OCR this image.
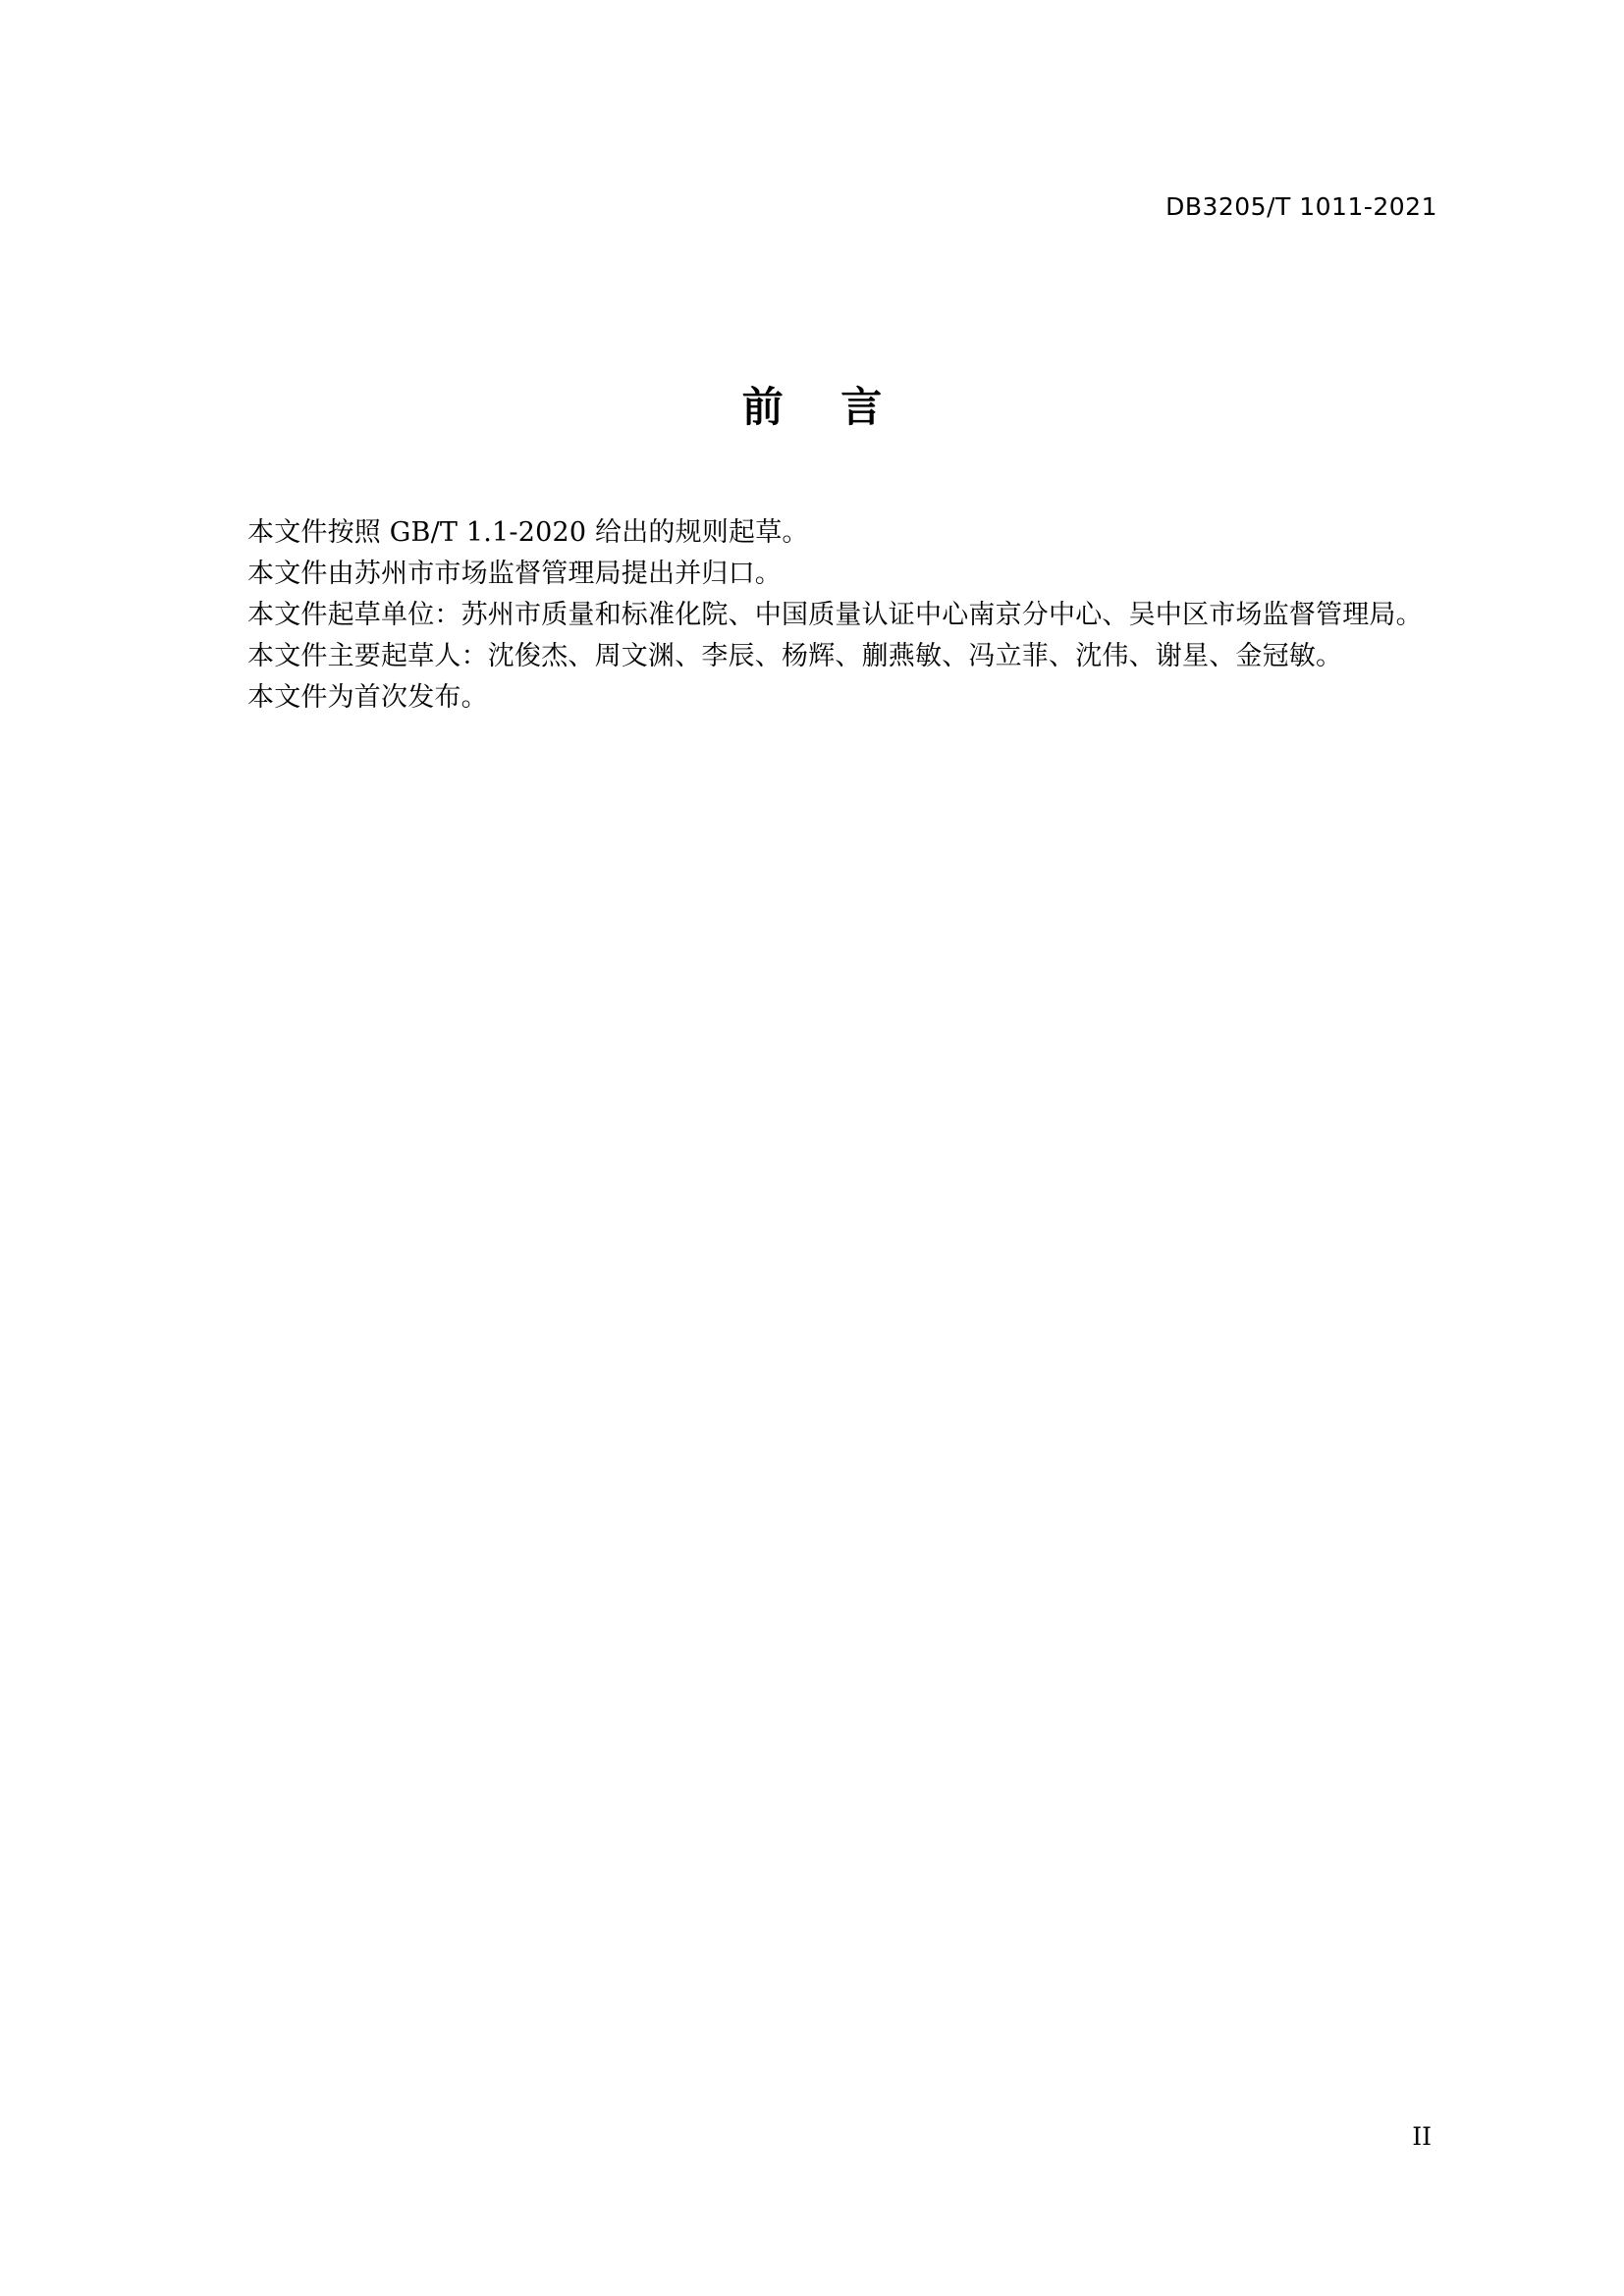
DB3205/T 1011-2021
前 言
本文件按照 GB/T 1.1-2020 给出的规则起草。
本文件由苏州市市场监督管理局提出并归口。
本文件起草单位：苏州市质量和标准化院、中国质量认证中心南京分中心、吴中区市场监督管理局。
本文件主要起草人：沈俊杰、周文渊、李辰、杨辉、蒯燕敏、冯立菲、沈伟、谢星、金冠敏。
本文件为首次发布。
II
